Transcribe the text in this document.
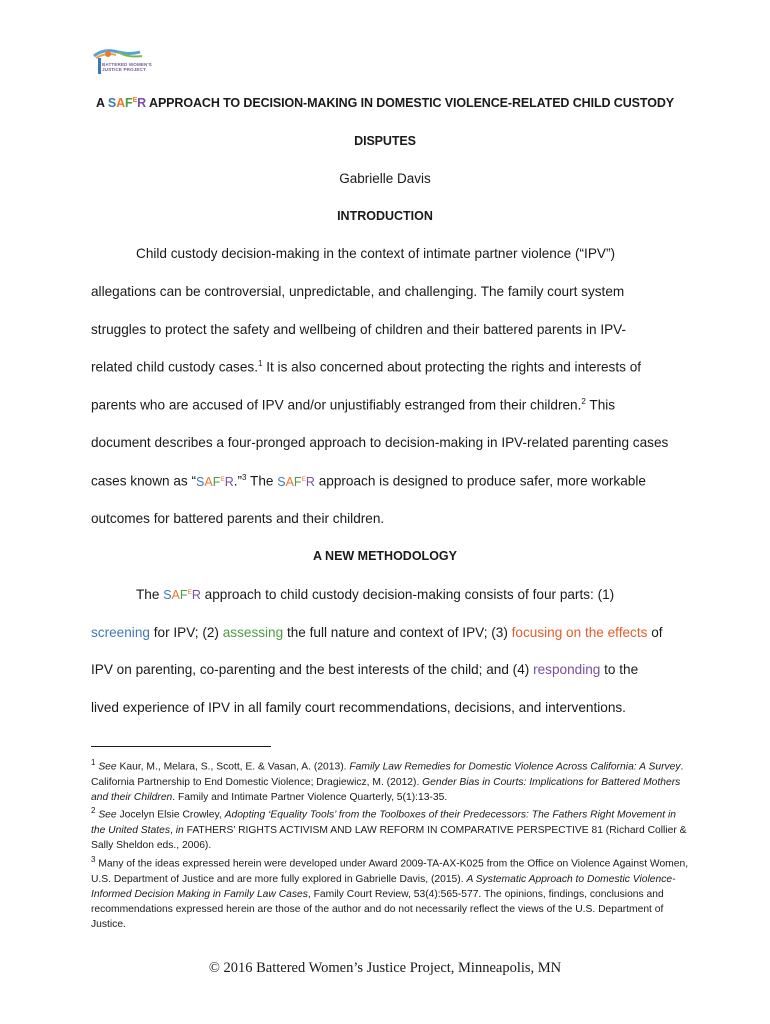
BATTERED WOMEN'S
JUSTICE PROJECT
A $SAF^ER$ APPROACH TO DECISION-MAKING IN DOMESTIC VIOLENCE-RELATED CHILD CUSTODY
DISPUTES
Gabrielle Davis
INTRODUCTION
Child custody decision-making in the context of intimate partner violence (“IPV”)
allegations can be controversial, unpredictable, and challenging. The family court system
struggles to protect the safety and wellbeing of children and their battered parents in IPV-
related child custody cases.$^1$ It is also concerned about protecting the rights and interests of
parents who are accused of IPV and/or unjustifiably estranged from their children.$^2$ This
document describes a four-pronged approach to decision-making in IPV-related parenting cases
cases known as “$SAF^ER.”^3$ The $SAF^ER$ approach is designed to produce safer, more workable
outcomes for battered parents and their children.
A NEW METHODOLOGY
The $SAF^ER$ approach to child custody decision-making consists of four parts: (1)
screening for IPV; (2) assessing the full nature and context of IPV; (3) focusing on the effects of
IPV on parenting, co-parenting and the best interests of the child; and (4) responding to the
lived experience of IPV in all family court recommendations, decisions, and interventions.
$^1$ See Kaur, M., Melara, S., Scott, E. & Vasan, A. (2013). Family Law Remedies for Domestic Violence Across California: A Survey. California Partnership to End Domestic Violence; Dragiewicz, M. (2012). Gender Bias in Courts: Implications for Battered Mothers and their Children. Family and Intimate Partner Violence Quarterly, 5(1):13-35.
$^2$ See Jocelyn Elsie Crowley, Adopting ‘Equality Tools’ from the Toolboxes of their Predecessors: The Fathers Right Movement in the United States, in FATHERS’ RIGHTS ACTIVISM AND LAW REFORM IN COMPARATIVE PERSPECTIVE 81 (Richard Collier & Sally Sheldon eds., 2006).
$^3$ Many of the ideas expressed herein were developed under Award 2009-TA-AX-K025 from the Office on Violence Against Women, U.S. Department of Justice and are more fully explored in Gabrielle Davis, (2015). A Systematic Approach to Domestic Violence-Informed Decision Making in Family Law Cases, Family Court Review, 53(4):565-577. The opinions, findings, conclusions and recommendations expressed herein are those of the author and do not necessarily reflect the views of the U.S. Department of Justice.
© 2016 Battered Women’s Justice Project, Minneapolis, MN
